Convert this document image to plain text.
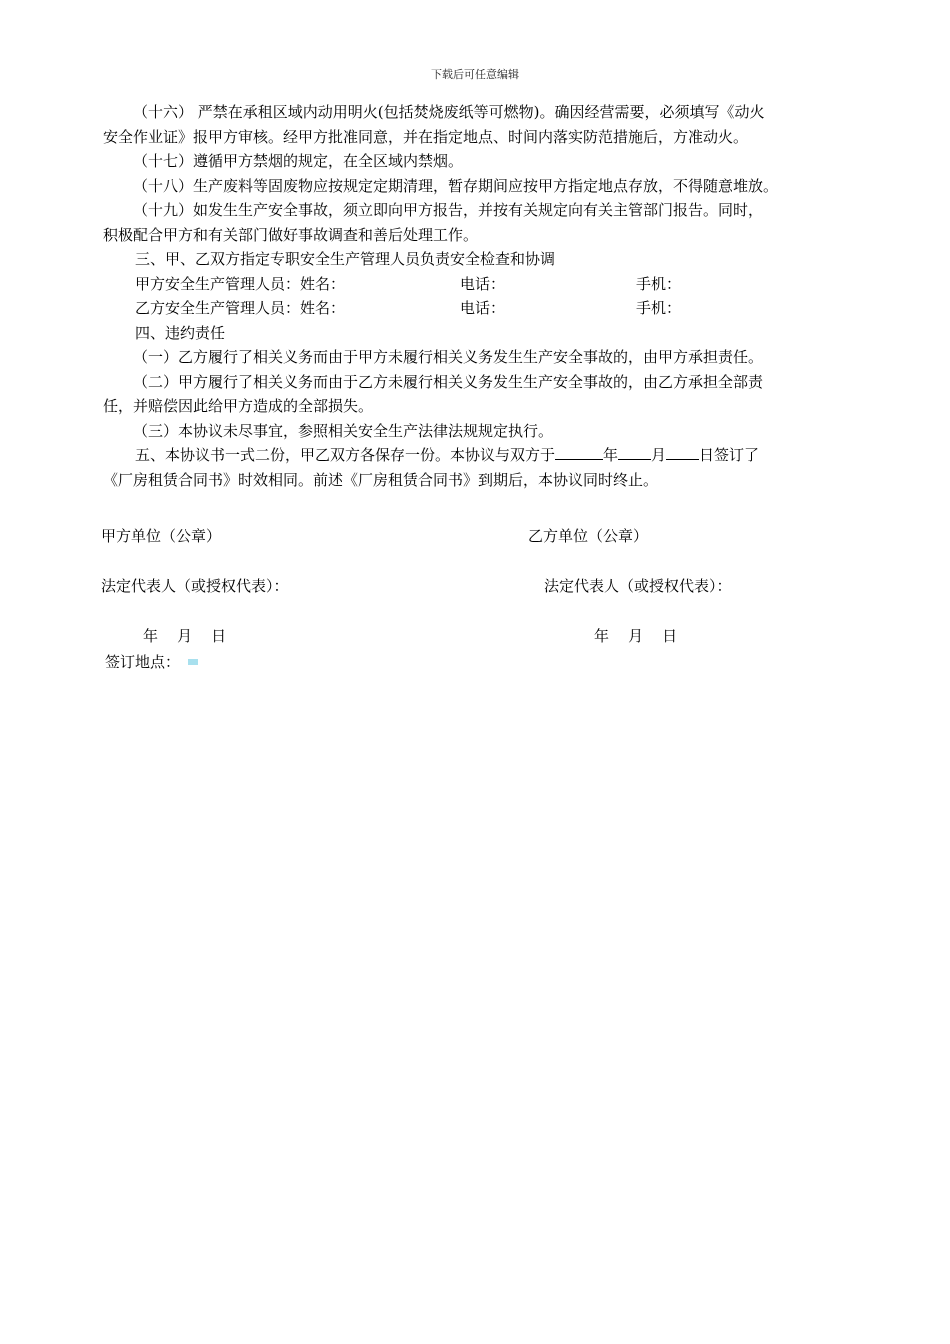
下载后可任意编辑

（十六） 严禁在承租区域内动用明火(包括焚烧废纸等可燃物)。确因经营需要，必须填写《动火

安全作业证》报甲方审核。经甲方批准同意，并在指定地点、时间内落实防范措施后，方准动火。

（十七）遵循甲方禁烟的规定，在全区域内禁烟。

（十八）生产废料等固废物应按规定定期清理，暂存期间应按甲方指定地点存放，不得随意堆放。

（十九）如发生生产安全事故，须立即向甲方报告，并按有关规定向有关主管部门报告。同时，

积极配合甲方和有关部门做好事故调查和善后处理工作。

三、甲、乙双方指定专职安全生产管理人员负责安全检查和协调

甲方安全生产管理人员：姓名：	电话：	手机：
乙方安全生产管理人员：姓名：	电话：	手机：

四、违约责任

（一）乙方履行了相关义务而由于甲方未履行相关义务发生生产安全事故的，由甲方承担责任。

（二）甲方履行了相关义务而由于乙方未履行相关义务发生生产安全事故的，由乙方承担全部责

任，并赔偿因此给甲方造成的全部损失。

（三）本协议未尽事宜，参照相关安全生产法律法规规定执行。

五、本协议书一式二份，甲乙双方各保存一份。本协议与双方于	年 月 日签订了

《厂房租赁合同书》时效相同。前述《厂房租赁合同书》到期后，本协议同时终止。

甲方单位（公章）	乙方单位（公章）
法定代表人（或授权代表）：	法定代表人（或授权代表）：
年    月    日	年    月    日
签订地点：
